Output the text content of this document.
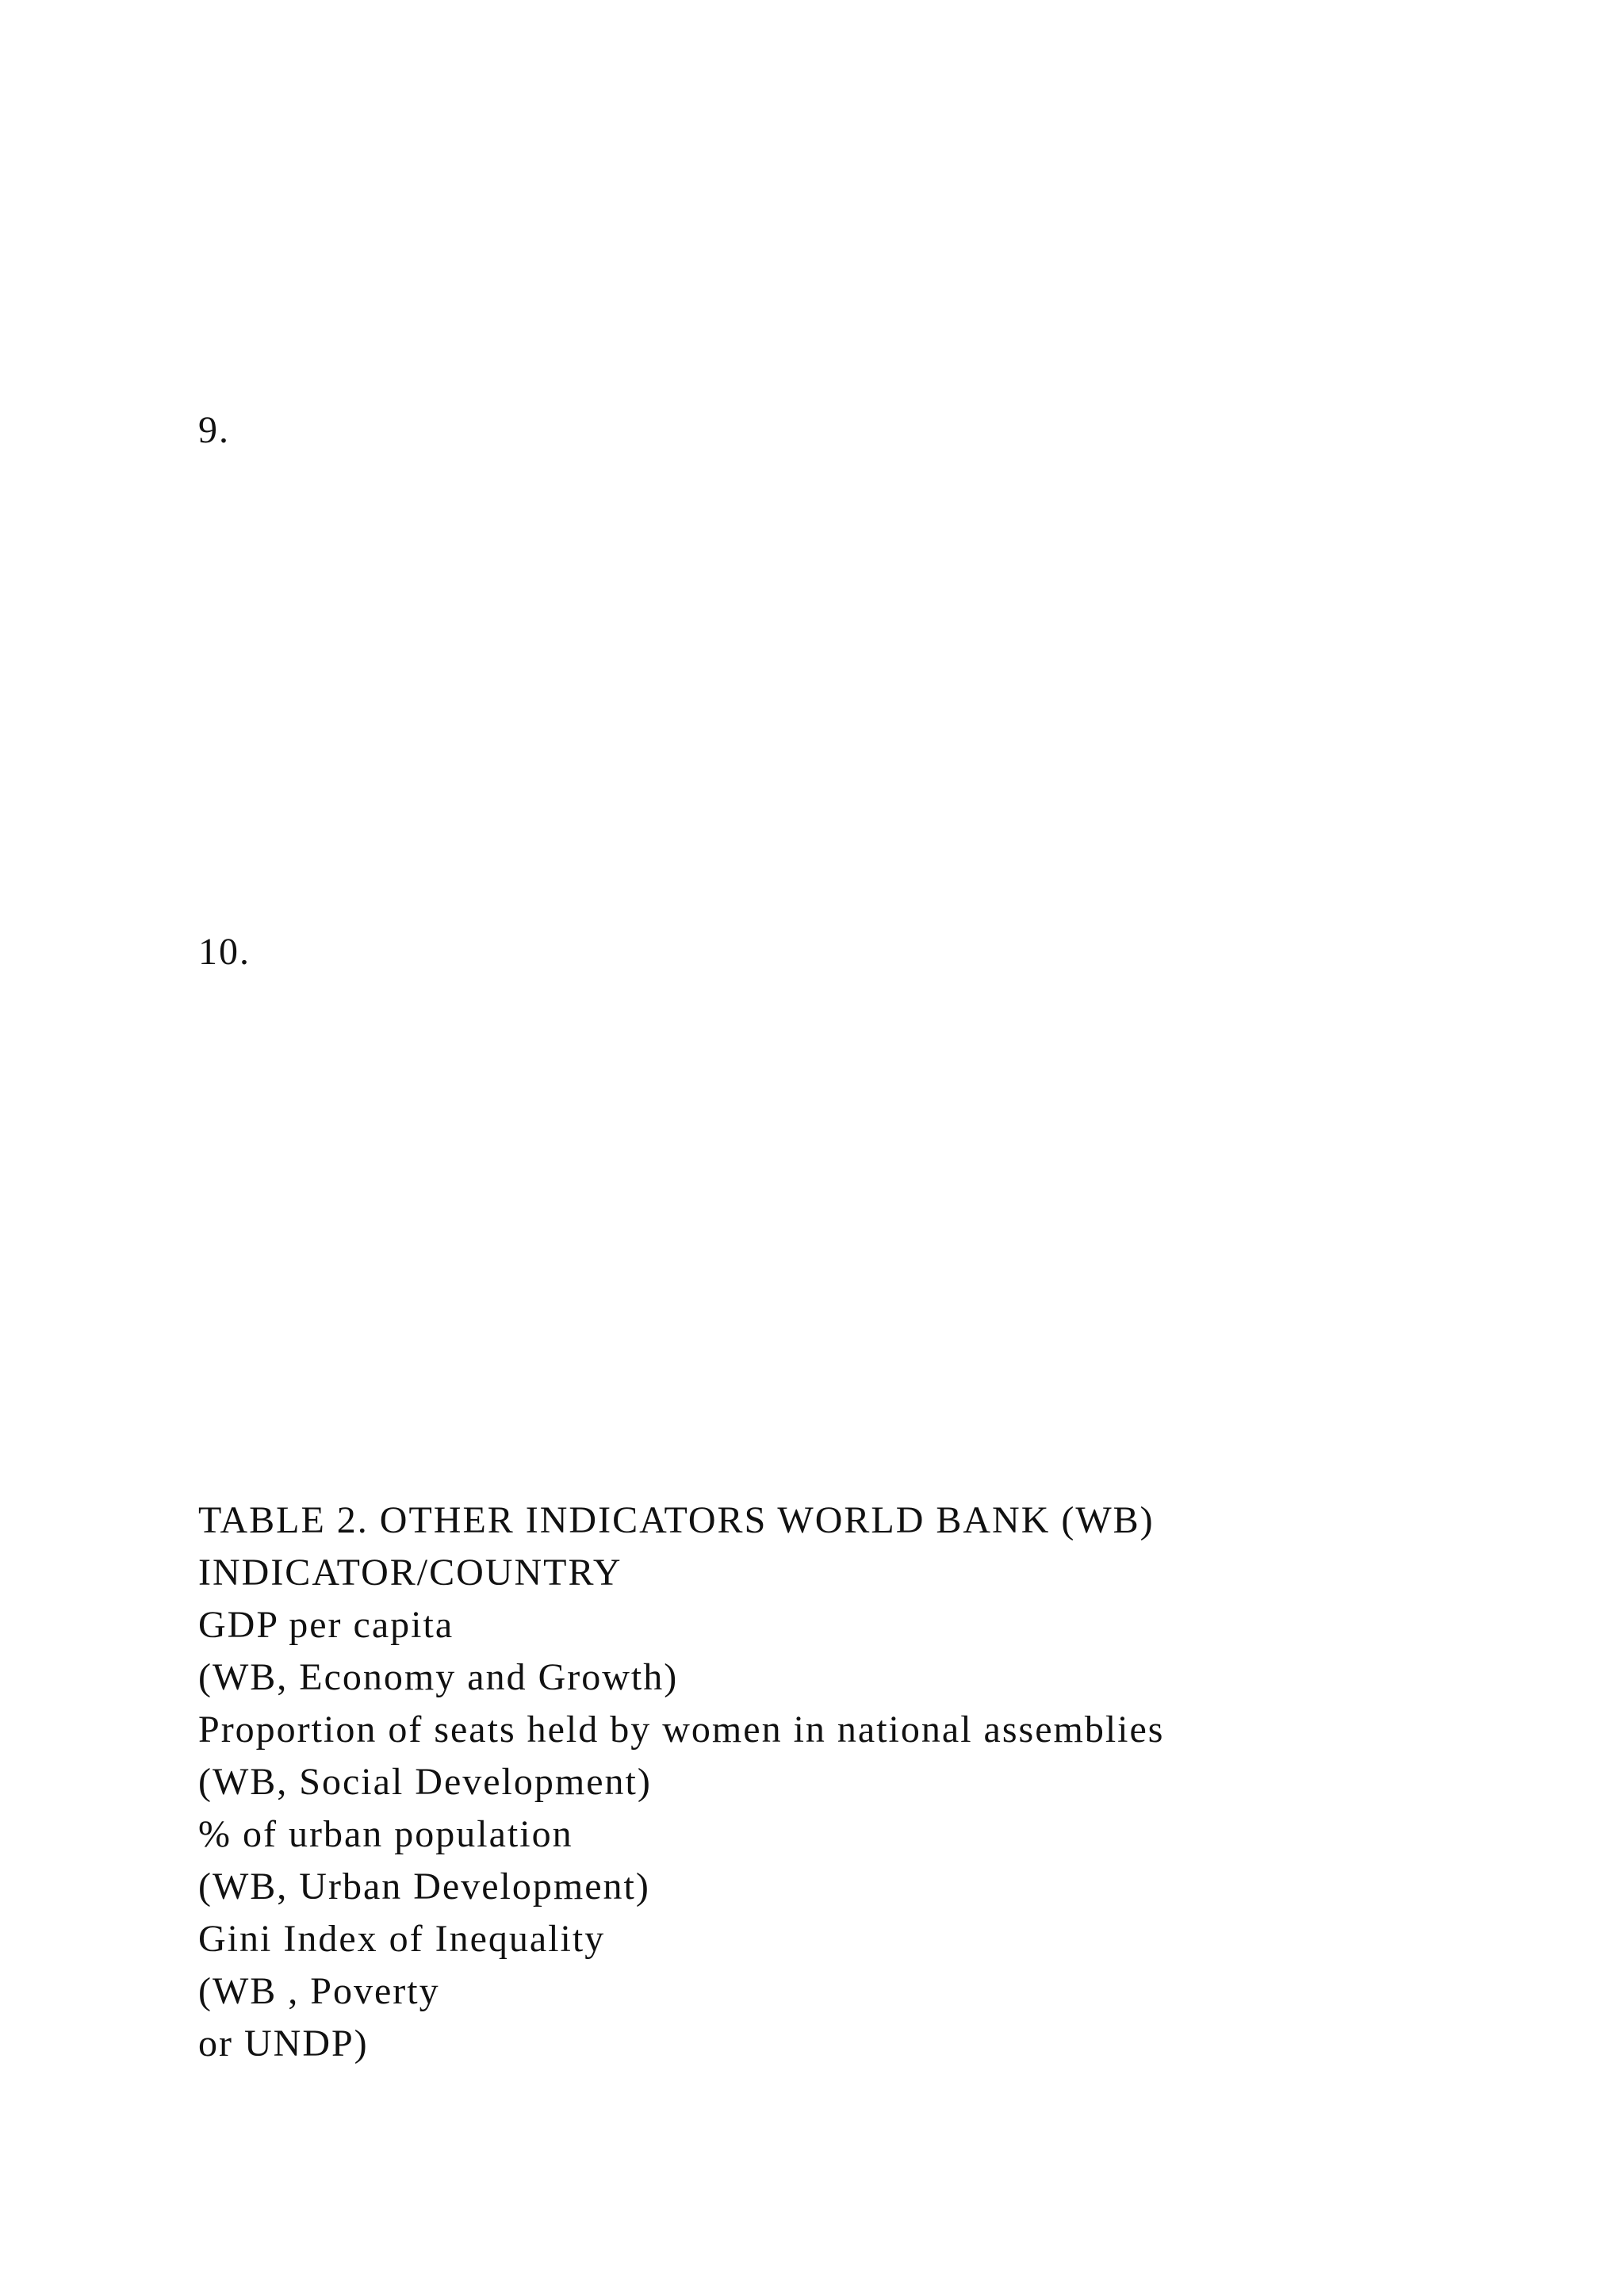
9.

10.

TABLE 2. OTHER INDICATORS WORLD BANK (WB)
INDICATOR/COUNTRY
GDP per capita
(WB, Economy and Growth)
Proportion of seats held by women in national assemblies
(WB, Social Development)
% of urban population
(WB, Urban Development)
Gini Index of Inequality
(WB , Poverty
or UNDP)
